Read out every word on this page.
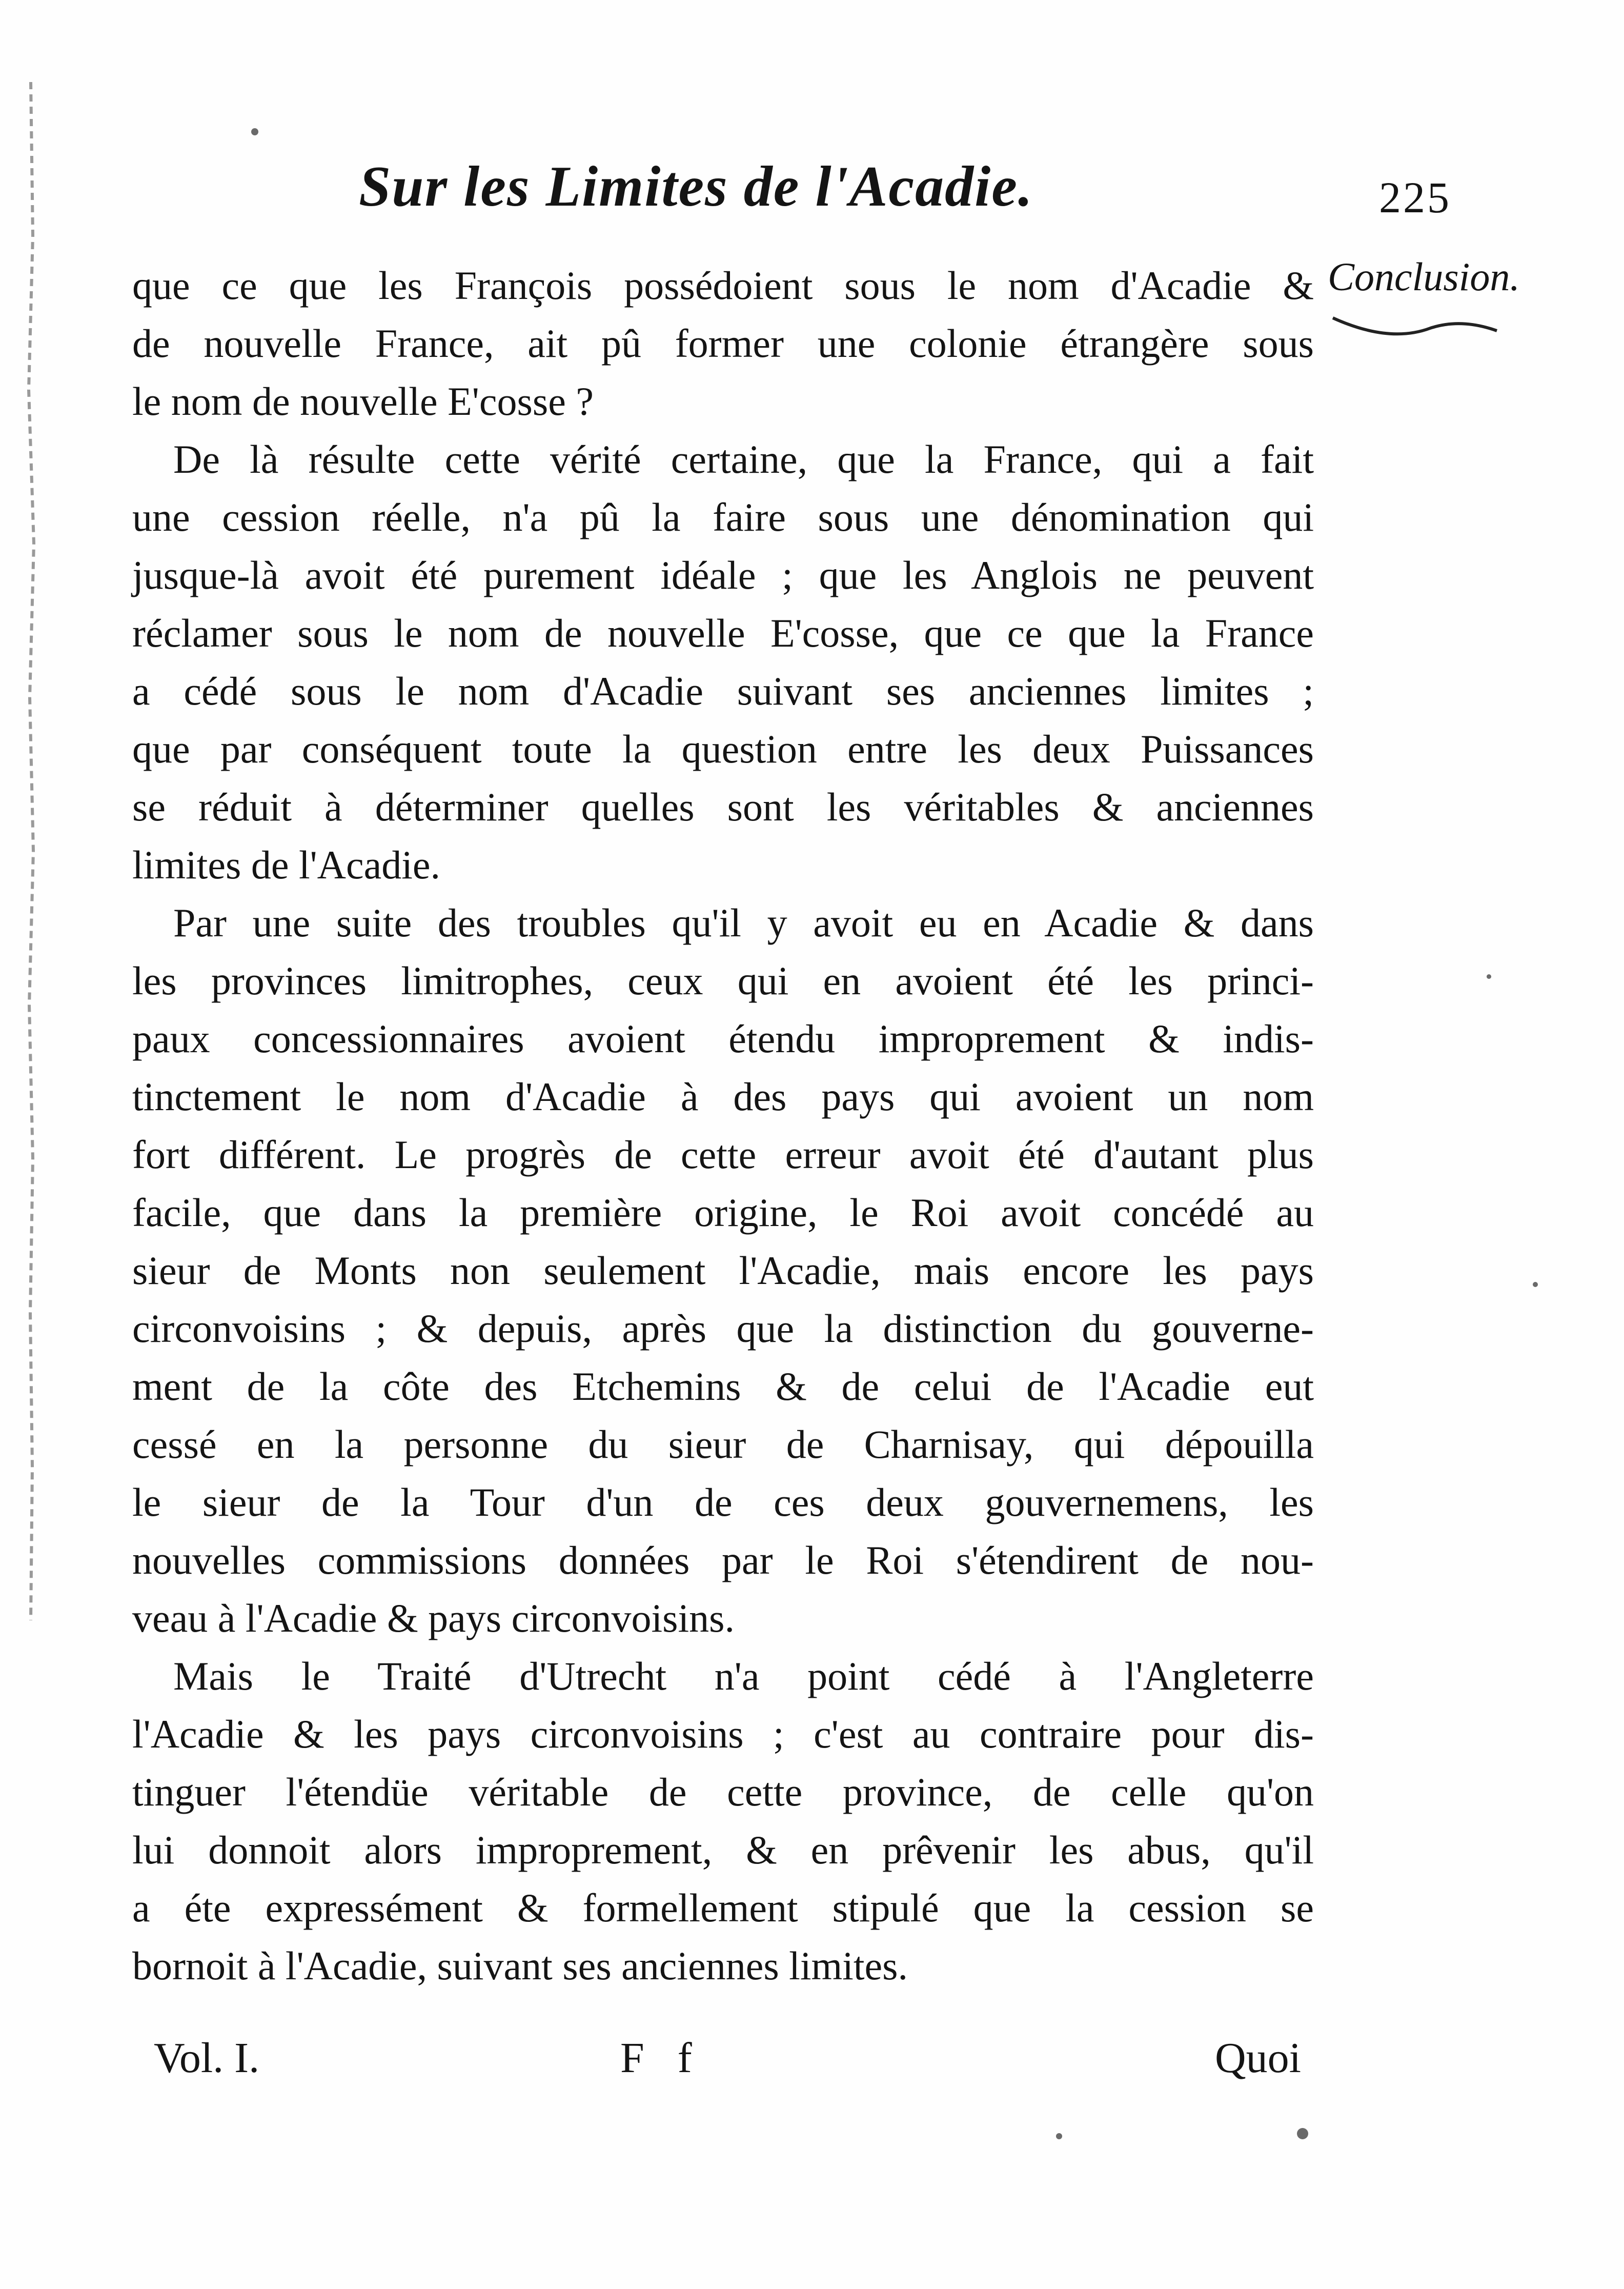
Sur les Limites de l'Acadie.	225
Conclusion.
que ce que les François possédoient sous le nom d'Acadie &
de nouvelle France, ait pû former une colonie étrangère sous
le nom de nouvelle E'cosse ?
De là résulte cette vérité certaine, que la France, qui a fait
une cession réelle, n'a pû la faire sous une dénomination qui
jusque-là avoit été purement idéale ; que les Anglois ne peuvent
réclamer sous le nom de nouvelle E'cosse, que ce que la France
a cédé sous le nom d'Acadie suivant ses anciennes limites ;
que par conséquent toute la question entre les deux Puissances
se réduit à déterminer quelles sont les véritables & anciennes
limites de l'Acadie.
Par une suite des troubles qu'il y avoit eu en Acadie & dans
les provinces limitrophes, ceux qui en avoient été les princi-
paux concessionnaires avoient étendu improprement & indis-
tinctement le nom d'Acadie à des pays qui avoient un nom
fort différent. Le progrès de cette erreur avoit été d'autant plus
facile, que dans la première origine, le Roi avoit concédé au
sieur de Monts non seulement l'Acadie, mais encore les pays
circonvoisins ; & depuis, après que la distinction du gouverne-
ment de la côte des Etchemins & de celui de l'Acadie eut
cessé en la personne du sieur de Charnisay, qui dépouilla
le sieur de la Tour d'un de ces deux gouvernemens, les
nouvelles commissions données par le Roi s'étendirent de nou-
veau à l'Acadie & pays circonvoisins.
Mais le Traité d'Utrecht n'a point cédé à l'Angleterre
l'Acadie & les pays circonvoisins ; c'est au contraire pour dis-
tinguer l'étendüe véritable de cette province, de celle qu'on
lui donnoit alors improprement, & en prêvenir les abus, qu'il
a éte expressément & formellement stipulé que la cession se
bornoit à l'Acadie, suivant ses anciennes limites.
Vol. I.	F f	Quoi
